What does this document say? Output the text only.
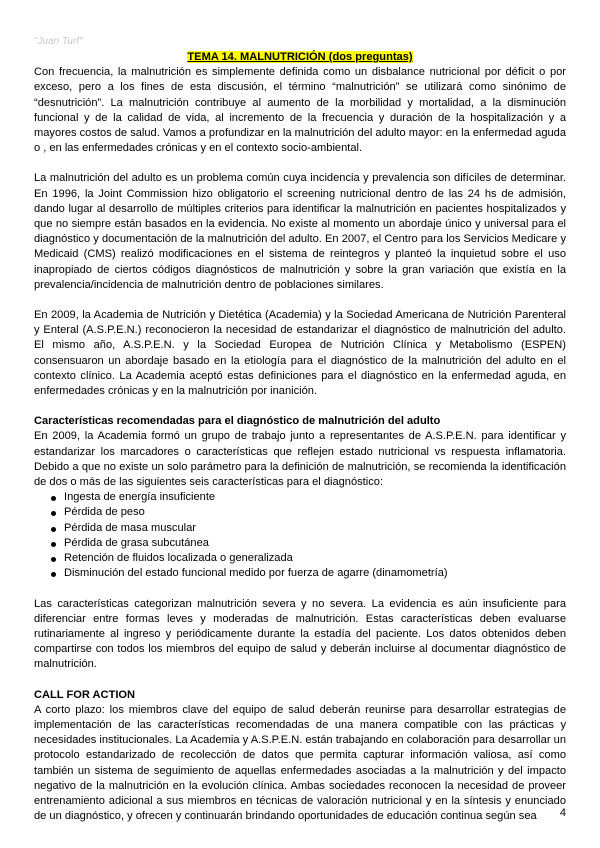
"Juan Turf"
TEMA 14. MALNUTRICIÓN (dos preguntas)

Con frecuencia, la malnutrición es simplemente definida como un disbalance nutricional por déficit o por exceso, pero a los fines de esta discusión, el término “malnutrición” se utilizará como sinónimo de “desnutrición”. La malnutrición contribuye al aumento de la morbilidad y mortalidad, a la disminución funcional y de la calidad de vida, al incremento de la frecuencia y duración de la hospitalización y a mayores costos de salud. Vamos a profundizar en la malnutrición del adulto mayor: en la enfermedad aguda o , en las enfermedades crónicas y en el contexto socio-ambiental.

La malnutrición del adulto es un problema común cuya incidencia y prevalencia son difíciles de determinar. En 1996, la Joint Commission hizo obligatorio el screening nutricional dentro de las 24 hs de admisión, dando lugar al desarrollo de múltiples criterios para identificar la malnutrición en pacientes hospitalizados y que no siempre están basados en la evidencia. No existe al momento un abordaje único y universal para el diagnóstico y documentación de la malnutrición del adulto. En 2007, el Centro para los Servicios Medicare y Medicaid (CMS) realizó modificaciones en el sistema de reintegros y planteó la inquietud sobre el uso inapropiado de ciertos códigos diagnósticos de malnutrición y sobre la gran variación que existía en la prevalencia/incidencia de malnutrición dentro de poblaciones similares.

En 2009, la Academia de Nutrición y Dietética (Academia) y la Sociedad Americana de Nutrición Parenteral y Enteral (A.S.P.E.N.) reconocieron la necesidad de estandarizar el diagnóstico de malnutrición del adulto. El mismo año, A.S.P.E.N. y la Sociedad Europea de Nutrición Clínica y Metabolismo (ESPEN) consensuaron un abordaje basado en la etiología para el diagnóstico de la malnutrición del adulto en el contexto clínico. La Academia aceptó estas definiciones para el diagnóstico en la enfermedad aguda, en enfermedades crónicas y en la malnutrición por inanición.

Características recomendadas para el diagnóstico de malnutrición del adulto

En 2009, la Academia formó un grupo de trabajo junto a representantes de A.S.P.E.N. para identificar y estandarizar los marcadores o características que reflejen estado nutricional vs respuesta inflamatoria. Debido a que no existe un solo parámetro para la definición de malnutrición, se recomienda la identificación de dos o más de las siguientes seis características para el diagnóstico:

Ingesta de energía insuficiente
Pérdida de peso
Pérdida de masa muscular
Pérdida de grasa subcutánea
Retención de fluidos localizada o generalizada
Disminución del estado funcional medido por fuerza de agarre (dinamometría)

Las características categorizan malnutrición severa y no severa. La evidencia es aún insuficiente para diferenciar entre formas leves y moderadas de malnutrición. Estas características deben evaluarse rutinariamente al ingreso y periódicamente durante la estadía del paciente. Los datos obtenidos deben compartirse con todos los miembros del equipo de salud y deberán incluirse al documentar diagnóstico de malnutrición.

CALL FOR ACTION

A corto plazo: los miembros clave del equipo de salud deberán reunirse para desarrollar estrategias de implementación de las características recomendadas de una manera compatible con las prácticas y necesidades institucionales. La Academia y A.S.P.E.N. están trabajando en colaboración para desarrollar un protocolo estandarizado de recolección de datos que permita capturar información valiosa, así como también un sistema de seguimiento de aquellas enfermedades asociadas a la malnutrición y del impacto negativo de la malnutrición en la evolución clínica. Ambas sociedades reconocen la necesidad de proveer entrenamiento adicional a sus miembros en técnicas de valoración nutricional y en la síntesis y enunciado de un diagnóstico, y ofrecen y continuarán brindando oportunidades de educación continua según sea	4
